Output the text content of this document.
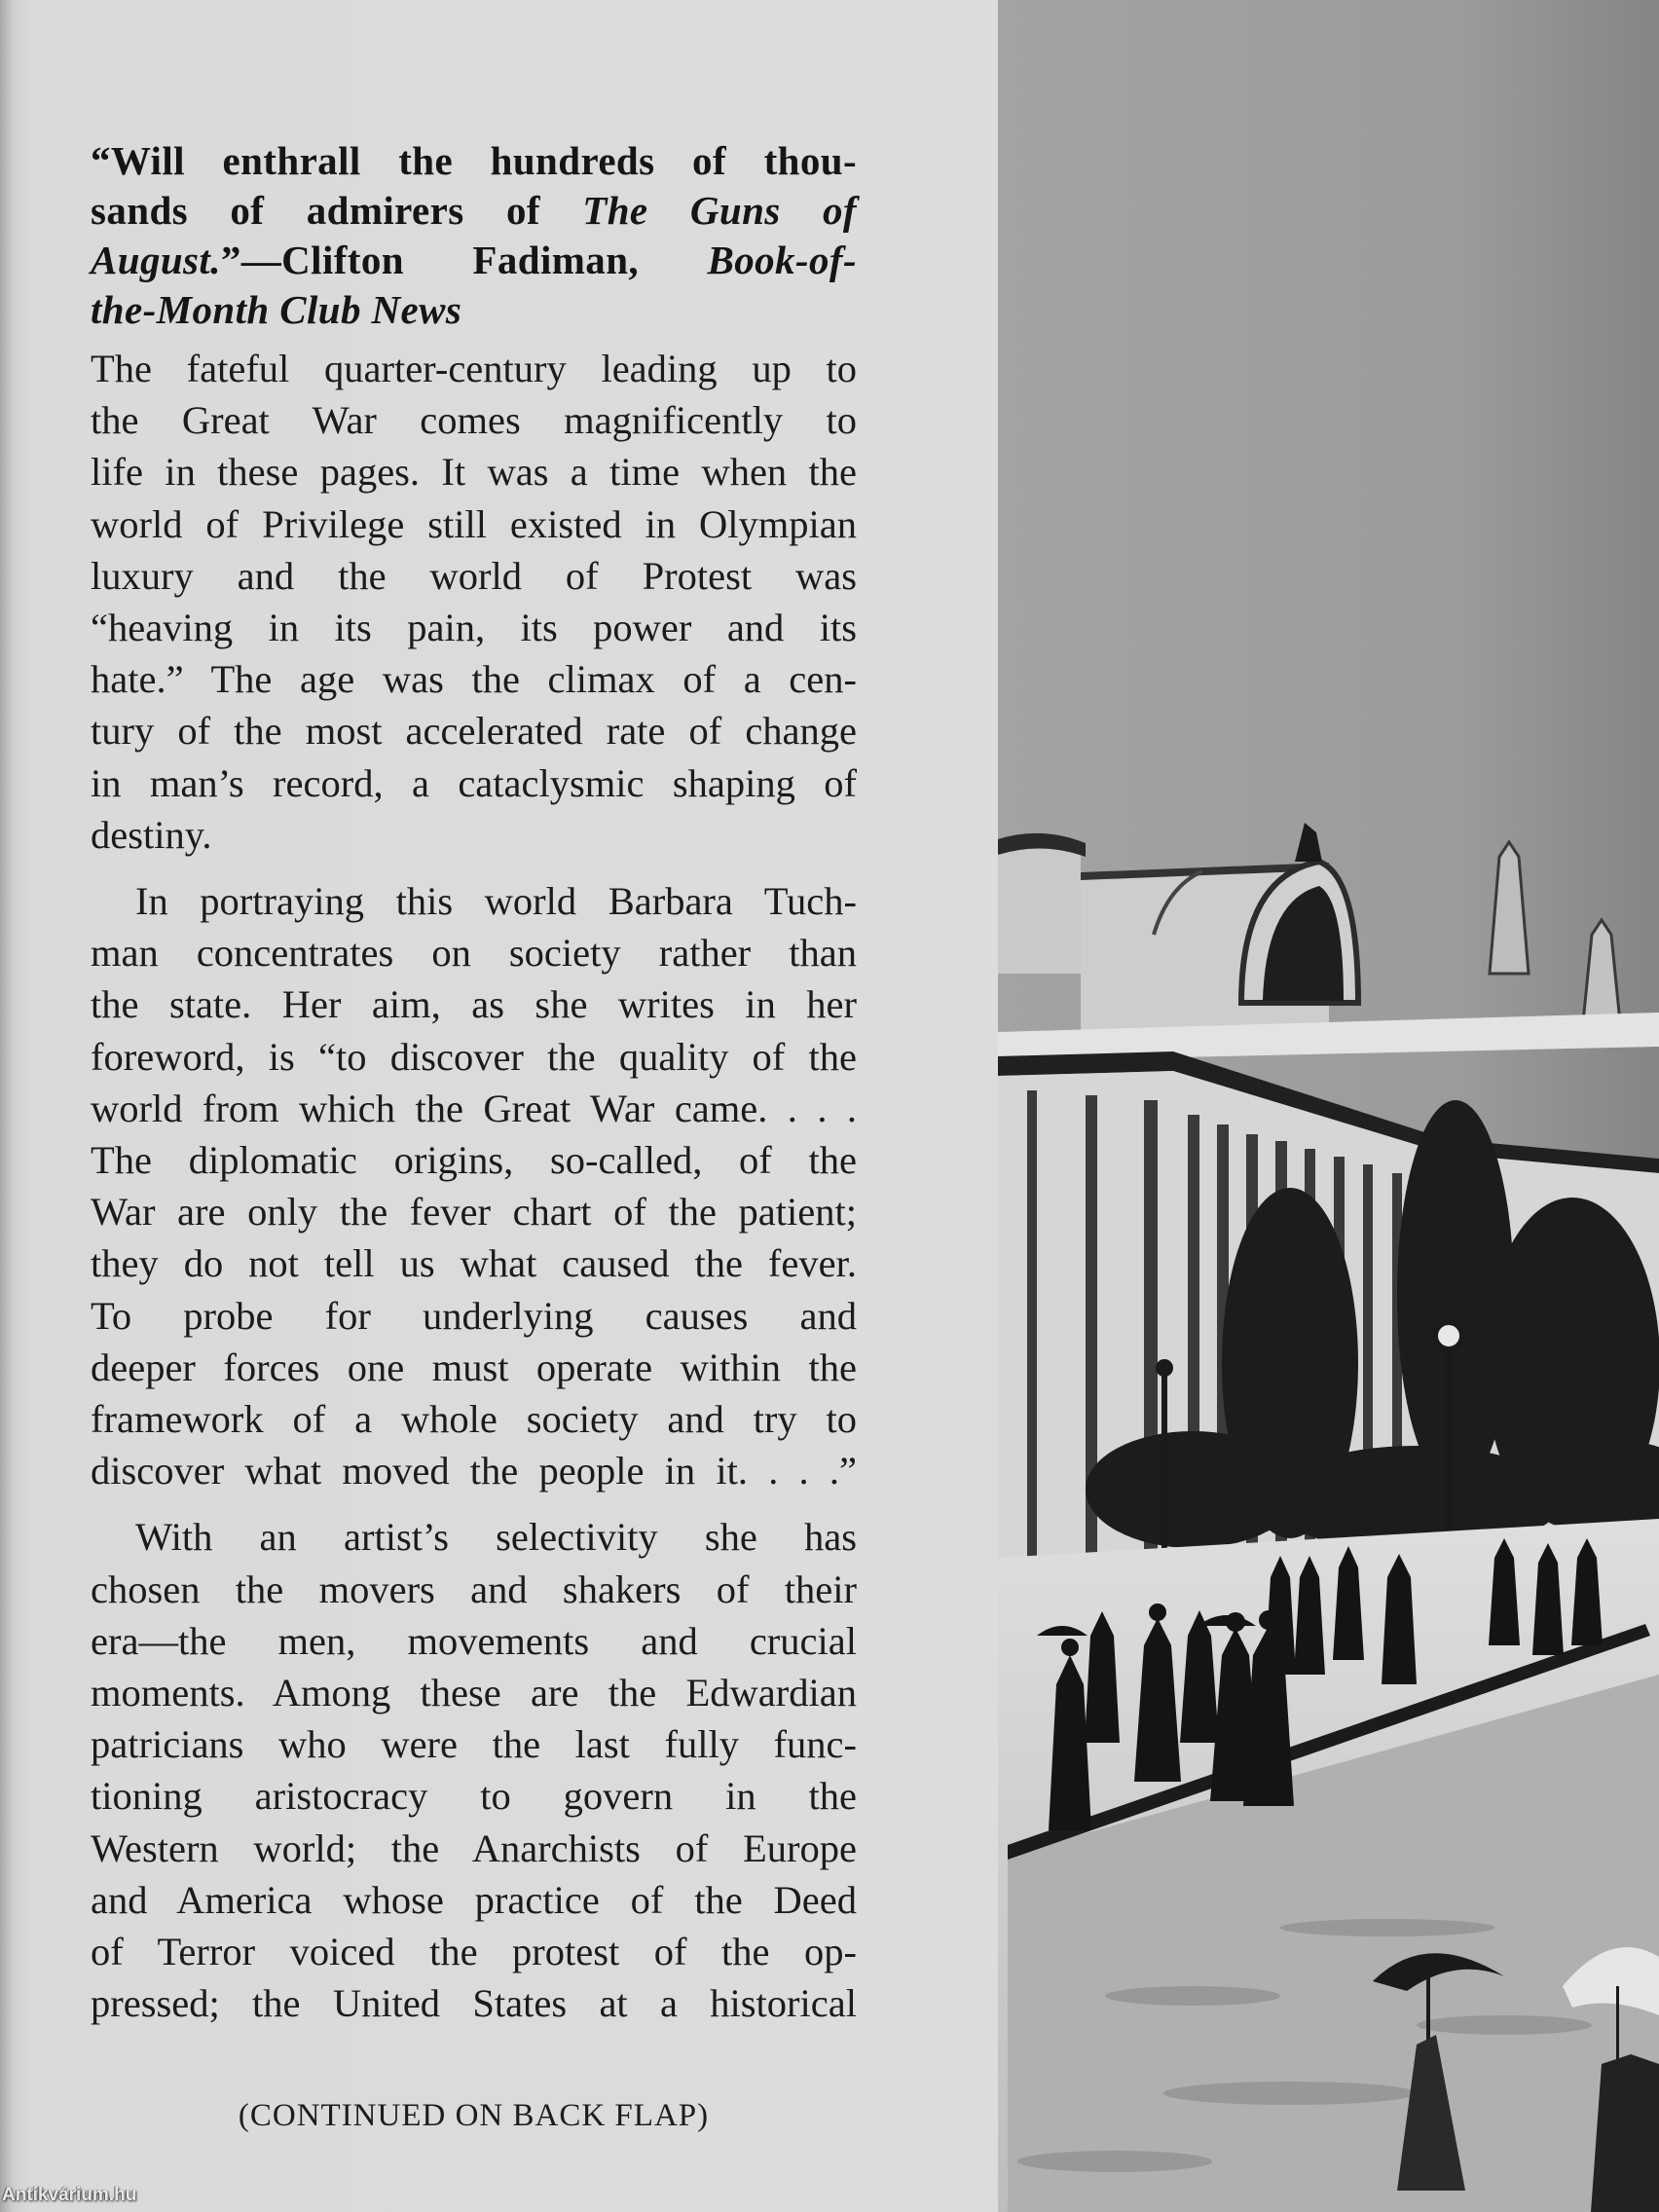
“Will enthrall the hundreds of thou-
sands of admirers of The Guns of
August.”—Clifton Fadiman, Book-of-
the-Month Club News
The fateful quarter-century leading up to
the Great War comes magnificently to
life in these pages. It was a time when the
world of Privilege still existed in Olympian
luxury and the world of Protest was
“heaving in its pain, its power and its
hate.” The age was the climax of a cen-
tury of the most accelerated rate of change
in man’s record, a cataclysmic shaping of
destiny.
In portraying this world Barbara Tuch-
man concentrates on society rather than
the state. Her aim, as she writes in her
foreword, is “to discover the quality of the
world from which the Great War came. . . .
The diplomatic origins, so-called, of the
War are only the fever chart of the patient;
they do not tell us what caused the fever.
To probe for underlying causes and
deeper forces one must operate within the
framework of a whole society and try to
discover what moved the people in it. . . .”
With an artist’s selectivity she has
chosen the movers and shakers of their
era—the men, movements and crucial
moments. Among these are the Edwardian
patricians who were the last fully func-
tioning aristocracy to govern in the
Western world; the Anarchists of Europe
and America whose practice of the Deed
of Terror voiced the protest of the op-
pressed; the United States at a historical
(CONTINUED ON BACK FLAP)
Antikvárium.hu
